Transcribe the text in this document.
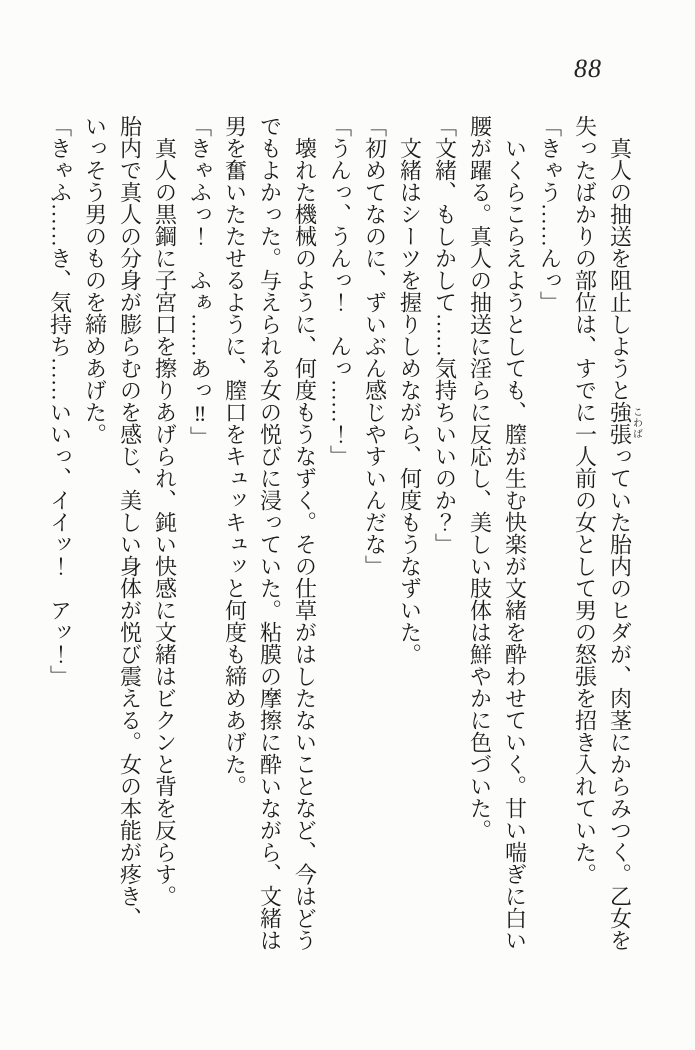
88

　真人の抽送を阻止しようと強張こわばっていた胎内のヒダが、肉茎にからみつく。乙女を

失ったばかりの部位は、すでに一人前の女として男の怒張を招き入れていた。

「きゃう……んっ」

　いくらこらえようとしても、膣が生む快楽が文緒を酔わせていく。甘い喘ぎに白い

腰が躍る。真人の抽送に淫らに反応し、美しい肢体は鮮やかに色づいた。

「文緒、もしかして……気持ちいいのか？」

　文緒はシーツを握りしめながら、何度もうなずいた。

「初めてなのに、ずいぶん感じやすいんだな」

「うんっ、うんっ！　んっ……！」

　壊れた機械のように、何度もうなずく。その仕草がはしたないことなど、今はどう

でもよかった。与えられる女の悦びに浸っていた。粘膜の摩擦に酔いながら、文緒は

男を奮いたたせるように、膣口をキュッキュッと何度も締めあげた。

「きゃふっ！　ふぁ……あっ‼」

　真人の黒鋼に子宮口を擦りあげられ、鈍い快感に文緒はビクンと背を反らす。

胎内で真人の分身が膨らむのを感じ、美しい身体が悦び震える。女の本能が疼き、

いっそう男のものを締めあげた。

「きゃふ……き、気持ち……いいっ、イイッ！　アッ！」
